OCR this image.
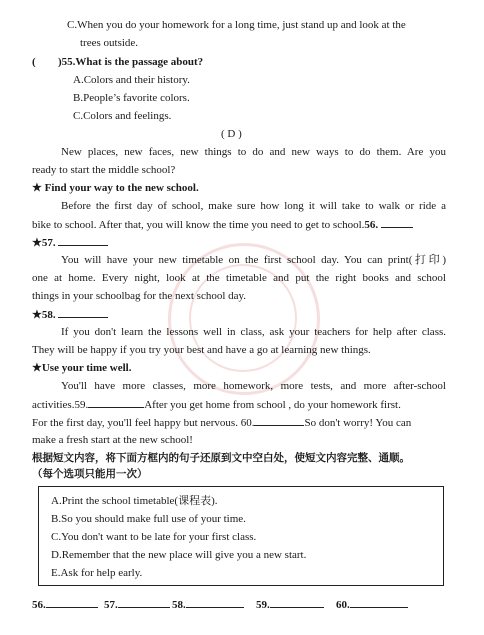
C.When you do your homework for a long time, just stand up and look at the
trees outside.
( )55.What is the passage about?
A.Colors and their history.
B.People’s favorite colors.
C.Colors and feelings.
( D )
New places, new faces, new things to do and new ways to do them. Are you
ready to start the middle school?
★ Find your way to the new school.
Before the first day of school, make sure how long it will take to walk or ride a
bike to school. After that, you will know the time you need to get to school.56.
★57.
You will have your new timetable on the first school day. You can print(打印)
one at home. Every night, look at the timetable and put the right books and school
things in your schoolbag for the next school day.
★58.
If you don't learn the lessons well in class, ask your teachers for help after class.
They will be happy if you try your best and have a go at learning new things.
★Use your time well.
You'll have more classes, more homework, more tests, and more after-school
activities.59.	After you get home from school , do your homework first.
For the first day, you'll feel happy but nervous. 60.	So don't worry! You can
make a fresh start at the new school!
根据短文内容，将下面方框内的句子还原到文中空白处，使短文内容完整、通顺。
（每个选项只能用一次）
A.Print the school timetable(课程表).
B.So you should make full use of your time.
C.You don't want to be late for your first class.
D.Remember that the new place will give you a new start.
E.Ask for help early.
56.	57.	58.	59.	60.
